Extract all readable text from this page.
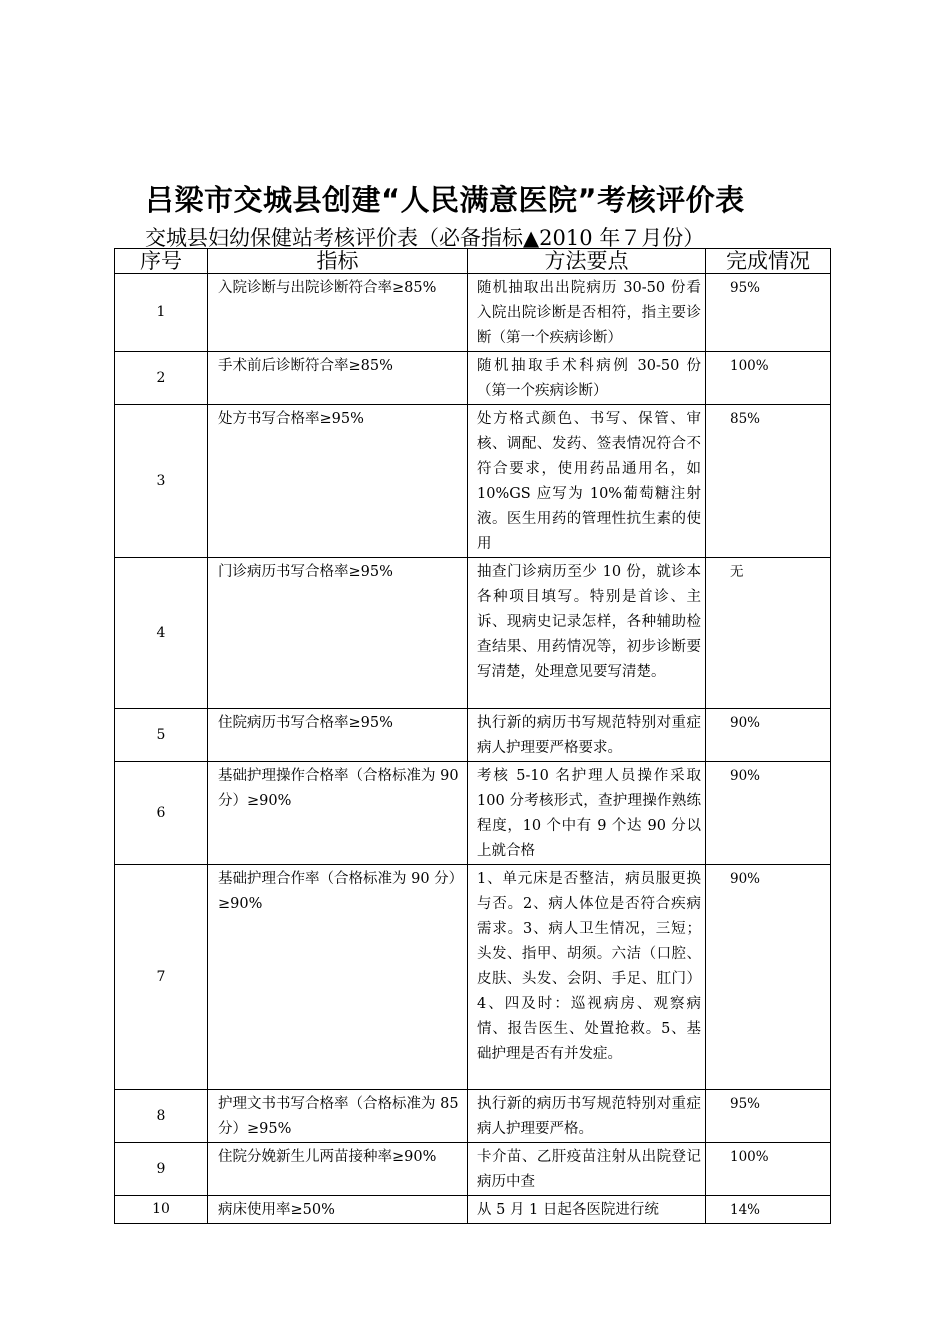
吕梁市交城县创建“人民满意医院”考核评价表
交城县妇幼保健站考核评价表（必备指标▲2010 年７月份）
序号	指标	方法要点	完成情况
1	入院诊断与出院诊断符合率≥85%	随机抽取出出院病历 30-50 份看入院出院诊断是否相符，指主要诊断（第一个疾病诊断）	95%
2	手术前后诊断符合率≥85%	随机抽取手术科病例 30-50 份（第一个疾病诊断）	100%
3	处方书写合格率≥95%	处方格式颜色、书写、保管、审核、调配、发药、签表情况符合不符合要求，使用药品通用名，如 10%GS 应写为 10%葡萄糖注射液。医生用药的管理性抗生素的使用	85%
4	门诊病历书写合格率≥95%	抽查门诊病历至少 10 份，就诊本各种项目填写。特别是首诊、主诉、现病史记录怎样，各种辅助检查结果、用药情况等，初步诊断要写清楚，处理意见要写清楚。	无
5	住院病历书写合格率≥95%	执行新的病历书写规范特别对重症病人护理要严格要求。	90%
6	基础护理操作合格率（合格标准为 90 分）≥90%	考核 5-10 名护理人员操作采取 100 分考核形式，查护理操作熟练程度，10 个中有 9 个达 90 分以上就合格	90%
7	基础护理合作率（合格标准为 90 分）≥90%	1、单元床是否整洁，病员服更换与否。2、病人体位是否符合疾病需求。3、病人卫生情况，三短；头发、指甲、胡须。六洁（口腔、皮肤、头发、会阴、手足、肛门）4、四及时：巡视病房、观察病情、报告医生、处置抢救。5、基础护理是否有并发症。	90%
8	护理文书书写合格率（合格标准为 85 分）≥95%	执行新的病历书写规范特别对重症病人护理要严格。	95%
9	住院分娩新生儿两苗接种率≥90%	卡介苗、乙肝疫苗注射从出院登记病历中查	100%
10	病床使用率≥50%	从 5 月 1 日起各医院进行统	14%
